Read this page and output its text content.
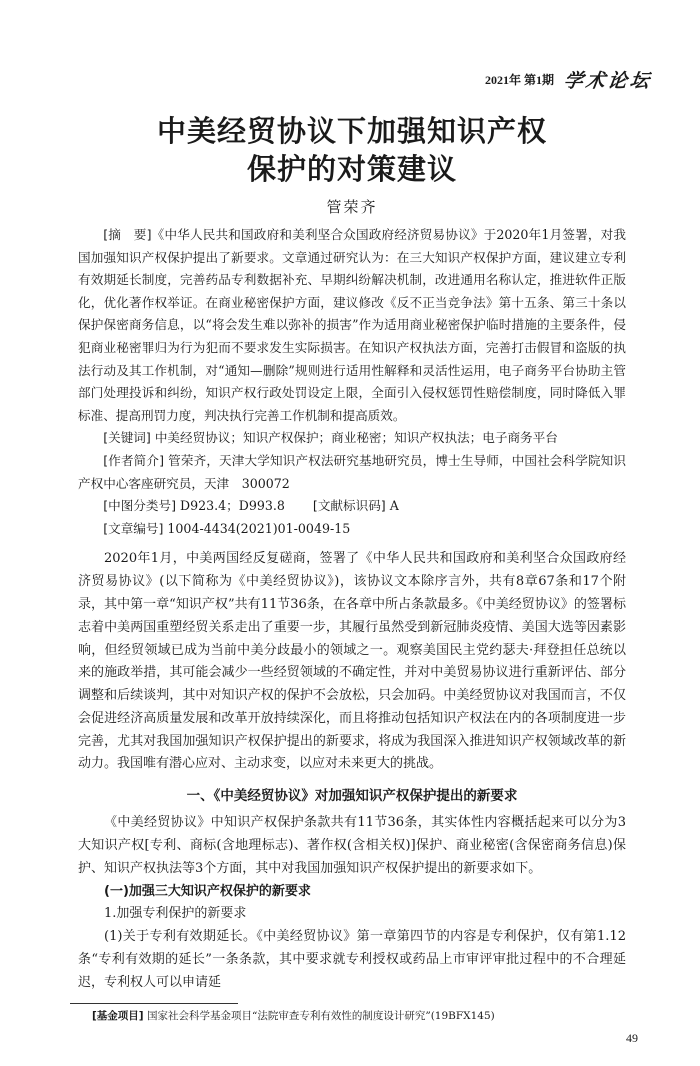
2021年 第1期 学术论坛
中美经贸协议下加强知识产权
保护的对策建议
管荣齐

[摘　要]《中华人民共和国政府和美利坚合众国政府经济贸易协议》于2020年1月签署，对我国加强知识产权保护提出了新要求。文章通过研究认为：在三大知识产权保护方面，建议建立专利有效期延长制度，完善药品专利数据补充、早期纠纷解决机制，改进通用名称认定，推进软件正版化，优化著作权举证。在商业秘密保护方面，建议修改《反不正当竞争法》第十五条、第三十条以保护保密商务信息，以“将会发生难以弥补的损害”作为适用商业秘密保护临时措施的主要条件，侵犯商业秘密罪归为行为犯而不要求发生实际损害。在知识产权执法方面，完善打击假冒和盗版的执法行动及其工作机制，对“通知—删除”规则进行适用性解释和灵活性运用，电子商务平台协助主管部门处理投诉和纠纷，知识产权行政处罚设定上限，全面引入侵权惩罚性赔偿制度，同时降低入罪标准、提高刑罚力度，判决执行完善工作机制和提高质效。

[关键词] 中美经贸协议；知识产权保护；商业秘密；知识产权执法；电子商务平台

[作者简介] 管荣齐，天津大学知识产权法研究基地研究员，博士生导师，中国社会科学院知识产权中心客座研究员，天津　300072

[中图分类号] D923.4；D993.8 [文献标识码] A
[文章编号] 1004-4434(2021)01-0049-15

2020年1月，中美两国经反复磋商，签署了《中华人民共和国政府和美利坚合众国政府经济贸易协议》(以下简称为《中美经贸协议》)，该协议文本除序言外，共有8章67条和17个附录，其中第一章“知识产权”共有11节36条，在各章中所占条款最多。《中美经贸协议》的签署标志着中美两国重塑经贸关系走出了重要一步，其履行虽然受到新冠肺炎疫情、美国大选等因素影响，但经贸领域已成为当前中美分歧最小的领域之一。观察美国民主党约瑟夫·拜登担任总统以来的施政举措，其可能会减少一些经贸领域的不确定性，并对中美贸易协议进行重新评估、部分调整和后续谈判，其中对知识产权的保护不会放松，只会加码。中美经贸协议对我国而言，不仅会促进经济高质量发展和改革开放持续深化，而且将推动包括知识产权法在内的各项制度进一步完善，尤其对我国加强知识产权保护提出的新要求，将成为我国深入推进知识产权领域改革的新动力。我国唯有潜心应对、主动求变，以应对未来更大的挑战。

一、《中美经贸协议》对加强知识产权保护提出的新要求

《中美经贸协议》中知识产权保护条款共有11节36条，其实体性内容概括起来可以分为3大知识产权[专利、商标(含地理标志)、著作权(含相关权)]保护、商业秘密(含保密商务信息)保护、知识产权执法等3个方面，其中对我国加强知识产权保护提出的新要求如下。

(一)加强三大知识产权保护的新要求

1.加强专利保护的新要求

(1)关于专利有效期延长。《中美经贸协议》第一章第四节的内容是专利保护，仅有第1.12条“专利有效期的延长”一条条款，其中要求就专利授权或药品上市审评审批过程中的不合理延迟，专利权人可以申请延

[基金项目] 国家社会科学基金项目“法院审查专利有效性的制度设计研究”(19BFX145)
49
